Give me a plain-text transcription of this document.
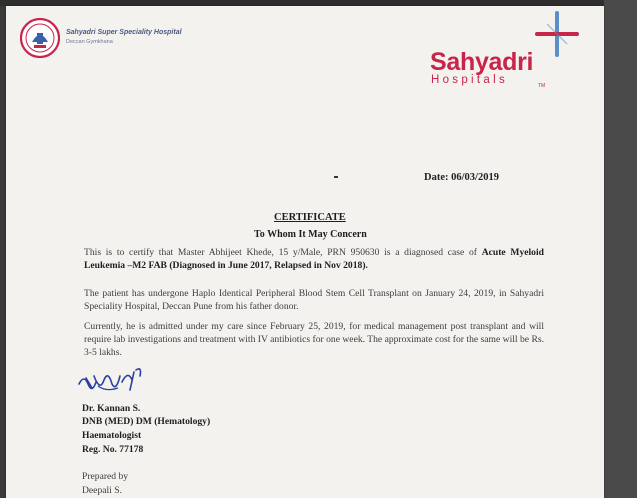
Sahyadri Super Speciality Hospital
Deccan Gymkhana
Sahyadri
Hospitals	TM
Date: 06/03/2019
CERTIFICATE
To Whom It May Concern
This is to certify that Master Abhijeet Khede, 15 y/Male, PRN 950630 is a diagnosed case of Acute Myeloid Leukemia –M2 FAB (Diagnosed in June 2017, Relapsed in Nov 2018).
The patient has undergone Haplo Identical Peripheral Blood Stem Cell Transplant on January 24, 2019, in Sahyadri Speciality Hospital, Deccan Pune from his father donor.
Currently, he is admitted under my care since February 25, 2019, for medical management post transplant and will require lab investigations and treatment with IV antibiotics for one week. The approximate cost for the same will be Rs. 3-5 lakhs.
Dr. Kannan S.
DNB (MED) DM (Hematology)
Haematologist
Reg. No. 77178
Prepared by
Deepali S.
